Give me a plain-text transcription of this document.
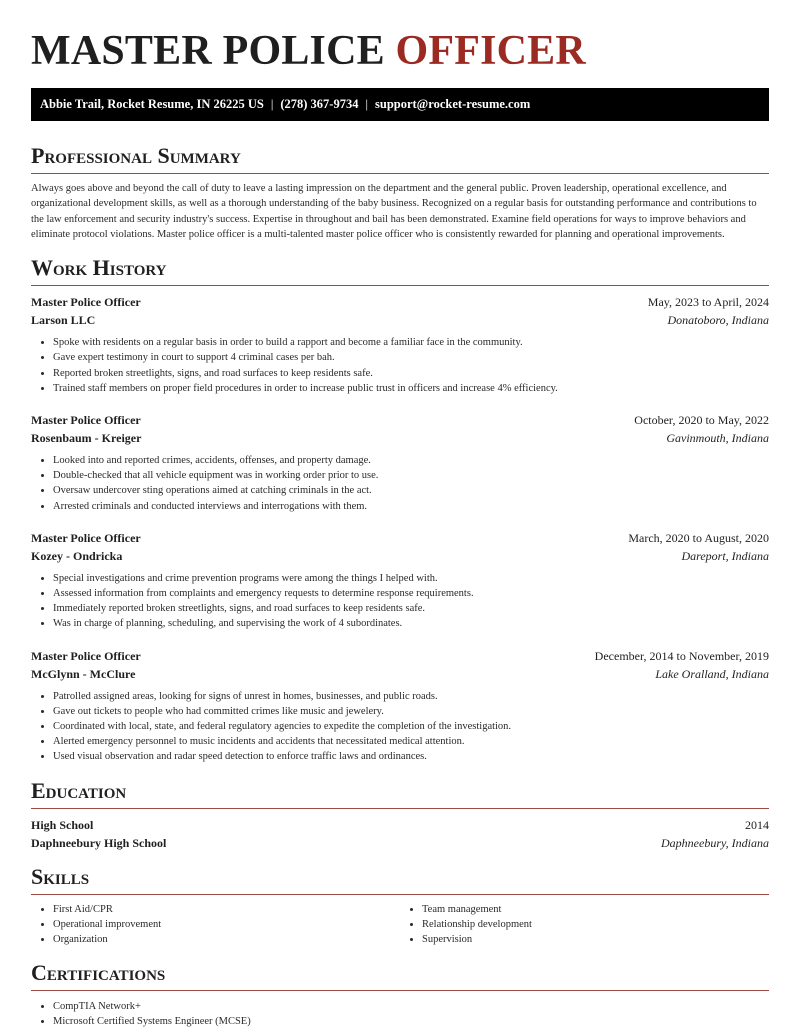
MASTER POLICE OFFICER
Abbie Trail, Rocket Resume, IN 26225 US | (278) 367-9734 | support@rocket-resume.com
Professional Summary

Always goes above and beyond the call of duty to leave a lasting impression on the department and the general public. Proven leadership, operational excellence, and organizational development skills, as well as a thorough understanding of the baby business. Recognized on a regular basis for outstanding performance and contributions to the law enforcement and security industry's success. Expertise in throughout and bail has been demonstrated. Examine field operations for ways to improve behaviors and eliminate protocol violations. Master police officer is a multi-talented master police officer who is consistently rewarded for planning and operational improvements.

Work History
Master Police Officer	May, 2023 to April, 2024
Larson LLC	Donatoboro, Indiana
• Spoke with residents on a regular basis in order to build a rapport and become a familiar face in the community.
• Gave expert testimony in court to support 4 criminal cases per bah.
• Reported broken streetlights, signs, and road surfaces to keep residents safe.
• Trained staff members on proper field procedures in order to increase public trust in officers and increase 4% efficiency.
Master Police Officer	October, 2020 to May, 2022
Rosenbaum - Kreiger	Gavinmouth, Indiana
• Looked into and reported crimes, accidents, offenses, and property damage.
• Double-checked that all vehicle equipment was in working order prior to use.
• Oversaw undercover sting operations aimed at catching criminals in the act.
• Arrested criminals and conducted interviews and interrogations with them.
Master Police Officer	March, 2020 to August, 2020
Kozey - Ondricka	Dareport, Indiana
• Special investigations and crime prevention programs were among the things I helped with.
• Assessed information from complaints and emergency requests to determine response requirements.
• Immediately reported broken streetlights, signs, and road surfaces to keep residents safe.
• Was in charge of planning, scheduling, and supervising the work of 4 subordinates.
Master Police Officer	December, 2014 to November, 2019
McGlynn - McClure	Lake Oralland, Indiana
• Patrolled assigned areas, looking for signs of unrest in homes, businesses, and public roads.
• Gave out tickets to people who had committed crimes like music and jewelery.
• Coordinated with local, state, and federal regulatory agencies to expedite the completion of the investigation.
• Alerted emergency personnel to music incidents and accidents that necessitated medical attention.
• Used visual observation and radar speed detection to enforce traffic laws and ordinances.
Education
High School	2014
Daphneebury High School	Daphneebury, Indiana
Skills
• First Aid/CPR
• Operational improvement
• Organization
• Team management
• Relationship development
• Supervision
Certifications
• CompTIA Network+
• Microsoft Certified Systems Engineer (MCSE)
